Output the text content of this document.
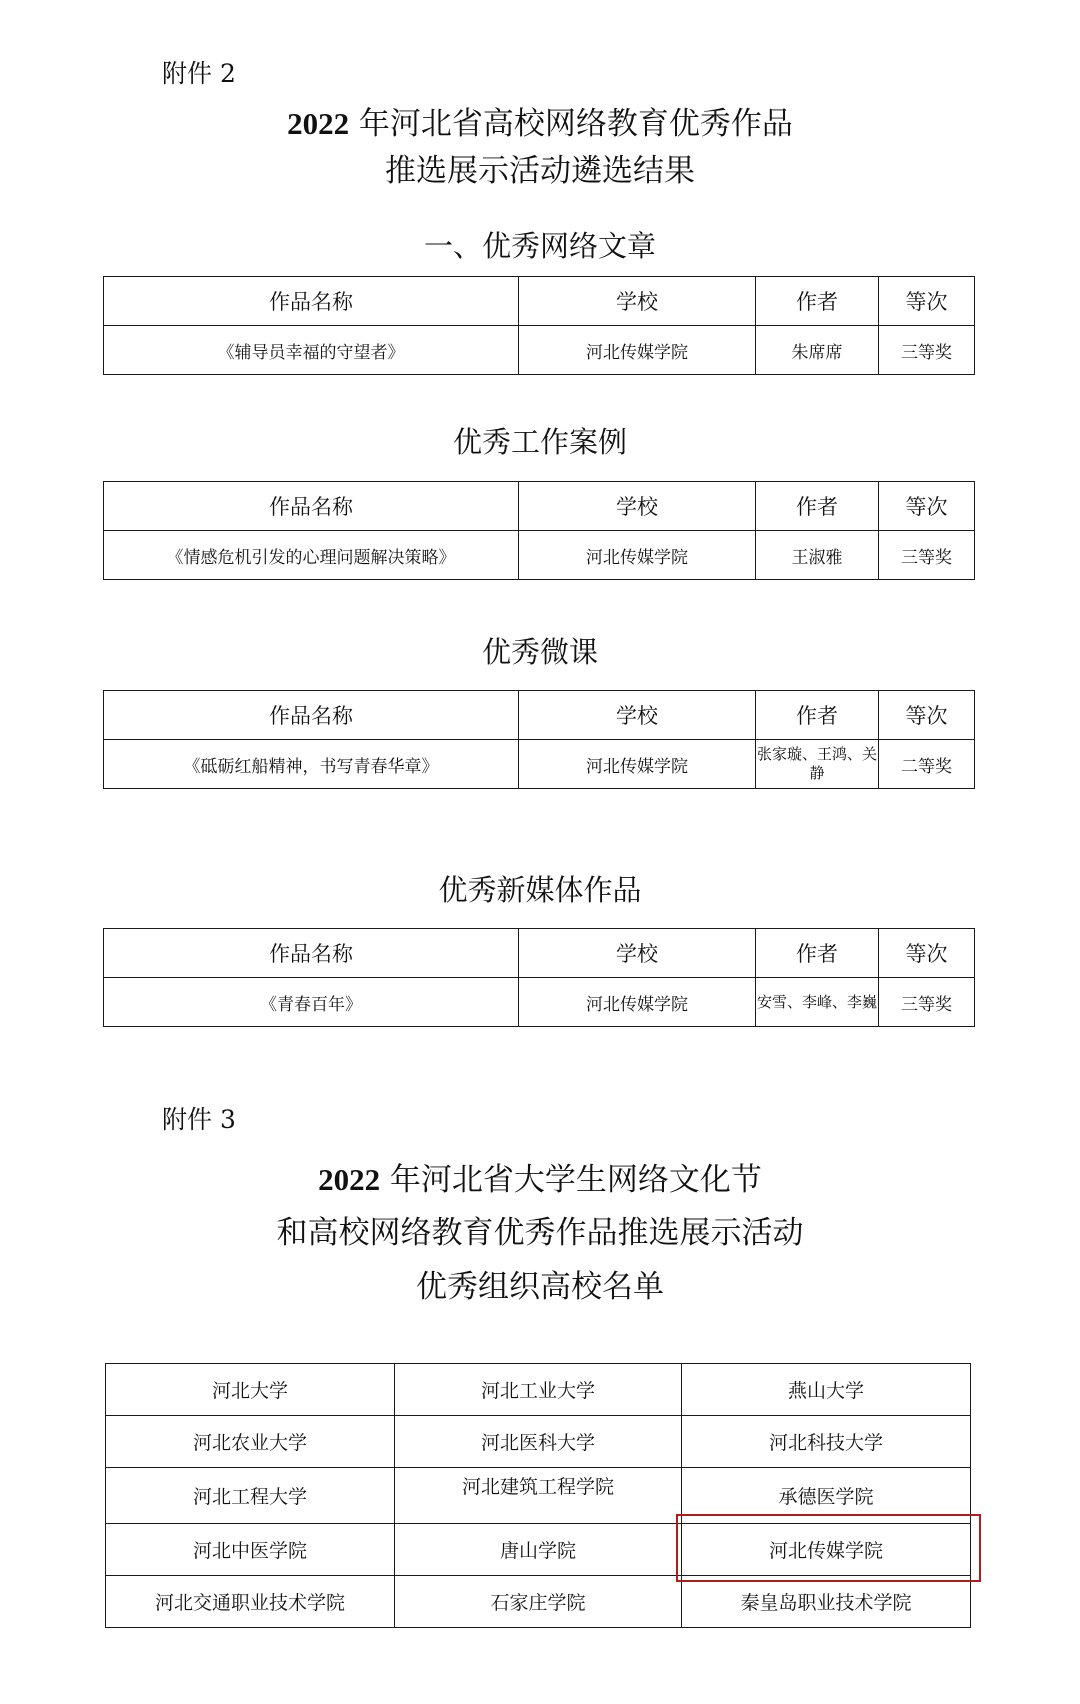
附件 2
2022 年河北省高校网络教育优秀作品
推选展示活动遴选结果
一、优秀网络文章
作品名称	学校	作者	等次
《辅导员幸福的守望者》	河北传媒学院	朱席席	三等奖
优秀工作案例
作品名称	学校	作者	等次
《情感危机引发的心理问题解决策略》	河北传媒学院	王淑雅	三等奖
优秀微课
作品名称	学校	作者	等次
《砥砺红船精神，书写青春华章》	河北传媒学院	张家璇、王鸿、关静	二等奖
优秀新媒体作品
作品名称	学校	作者	等次
《青春百年》	河北传媒学院	安雪、李峰、李巍	三等奖
附件 3
2022 年河北省大学生网络文化节
和高校网络教育优秀作品推选展示活动
优秀组织高校名单
河北大学	河北工业大学	燕山大学
河北农业大学	河北医科大学	河北科技大学
河北工程大学	河北建筑工程学院	承德医学院
河北中医学院	唐山学院	河北传媒学院
河北交通职业技术学院	石家庄学院	秦皇岛职业技术学院
